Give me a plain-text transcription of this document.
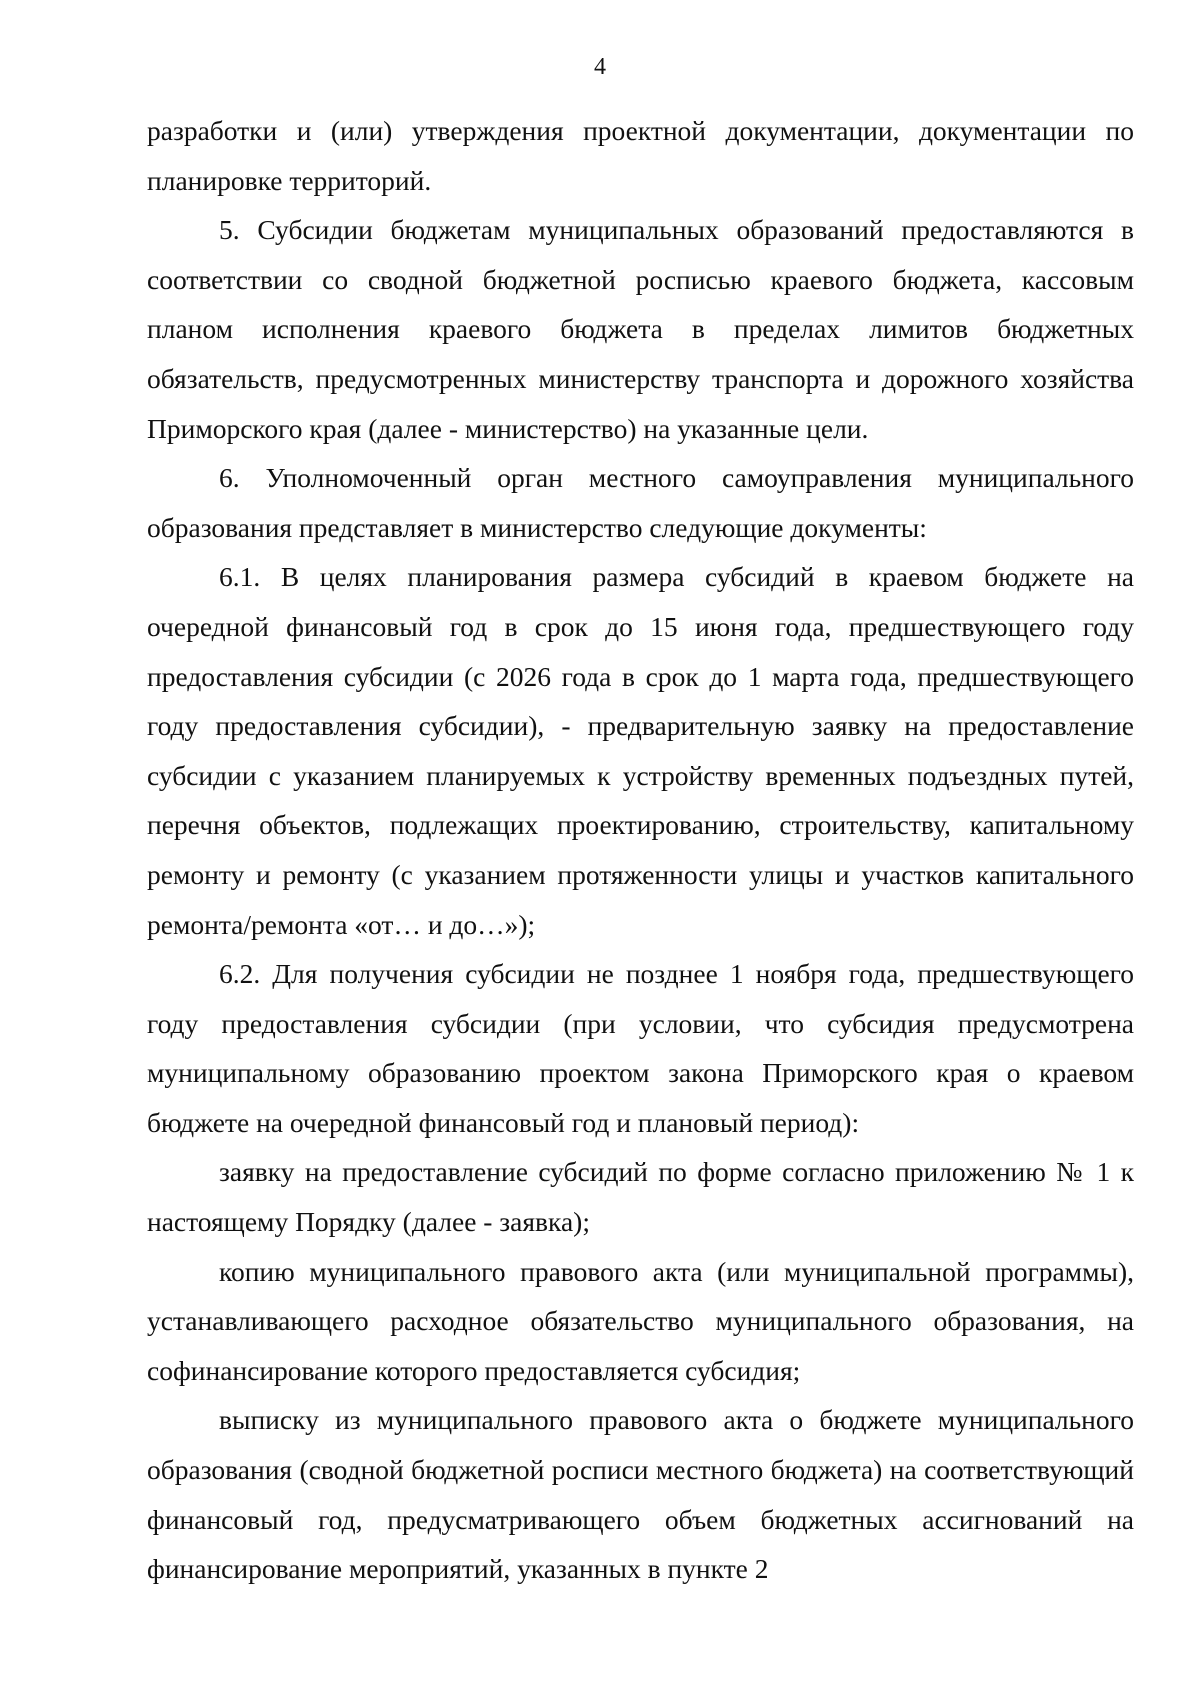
4

разработки и (или) утверждения проектной документации, документации по планировке территорий.

5. Субсидии бюджетам муниципальных образований предоставляются в соответствии со сводной бюджетной росписью краевого бюджета, кассовым планом исполнения краевого бюджета в пределах лимитов бюджетных обязательств, предусмотренных министерству транспорта и дорожного хозяйства Приморского края (далее - министерство) на указанные цели.

6. Уполномоченный орган местного самоуправления муниципального образования представляет в министерство следующие документы:

6.1. В целях планирования размера субсидий в краевом бюджете на очередной финансовый год в срок до 15 июня года, предшествующего году предоставления субсидии (с 2026 года в срок до 1 марта года, предшествующего году предоставления субсидии), - предварительную заявку на предоставление субсидии с указанием планируемых к устройству временных подъездных путей, перечня объектов, подлежащих проектированию, строительству, капитальному ремонту и ремонту (с указанием протяженности улицы и участков капитального ремонта/ремонта «от… и до…»);

6.2. Для получения субсидии не позднее 1 ноября года, предшествующего году предоставления субсидии (при условии, что субсидия предусмотрена муниципальному образованию проектом закона Приморского края о краевом бюджете на очередной финансовый год и плановый период):

заявку на предоставление субсидий по форме согласно приложению № 1 к настоящему Порядку (далее - заявка);

копию муниципального правового акта (или муниципальной программы), устанавливающего расходное обязательство муниципального образования, на софинансирование которого предоставляется субсидия;

выписку из муниципального правового акта о бюджете муниципального образования (сводной бюджетной росписи местного бюджета) на соответствующий финансовый год, предусматривающего объем бюджетных ассигнований на финансирование мероприятий, указанных в пункте 2
